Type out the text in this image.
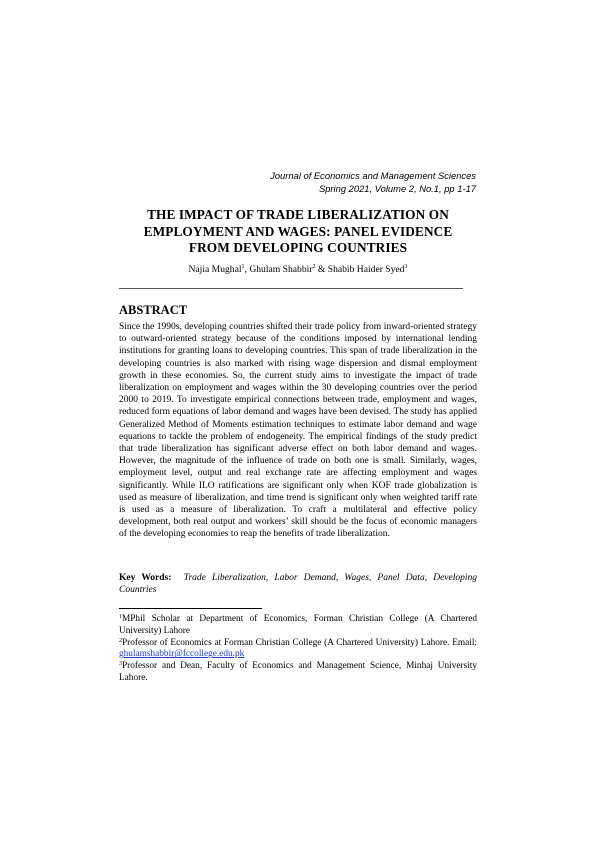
Journal of Economics and Management Sciences
Spring 2021, Volume 2, No.1, pp 1-17
THE IMPACT OF TRADE LIBERALIZATION ON
EMPLOYMENT AND WAGES: PANEL EVIDENCE
FROM DEVELOPING COUNTRIES
Najia Mughal$^1$, Ghulam Shabbir$^2$ & Shabib Haider Syed$^3$
ABSTRACT

Since the 1990s, developing countries shifted their trade policy from inward-oriented strategy to outward-oriented strategy because of the conditions imposed by international lending institutions for granting loans to developing countries. This span of trade liberalization in the developing countries is also marked with rising wage dispersion and dismal employment growth in these economies. So, the current study aims to investigate the impact of trade liberalization on employment and wages within the 30 developing countries over the period 2000 to 2019. To investigate empirical connections between trade, employment and wages, reduced form equations of labor demand and wages have been devised. The study has applied Generalized Method of Moments estimation techniques to estimate labor demand and wage equations to tackle the problem of endogeneity. The empirical findings of the study predict that trade liberalization has significant adverse effect on both labor demand and wages. However, the magnitude of the influence of trade on both one is small. Similarly, wages, employment level, output and real exchange rate are affecting employment and wages significantly. While ILO ratifications are significant only when KOF trade globalization is used as measure of liberalization, and time trend is significant only when weighted tariff rate is used as a measure of liberalization. To craft a multilateral and effective policy development, both real output and workers’ skill should be the focus of economic managers of the developing economies to reap the benefits of trade liberalization.

Key Words: Trade Liberalization, Labor Demand, Wages, Panel Data, Developing Countries

$^1$MPhil Scholar at Department of Economics, Forman Christian College (A Chartered University) Lahore

$^2$Professor of Economics at Forman Christian College (A Chartered University) Lahore. Email: ghulamshabbir@fccollege.edu.pk

$^3$Professor and Dean, Faculty of Economics and Management Science, Minhaj University Lahore.
